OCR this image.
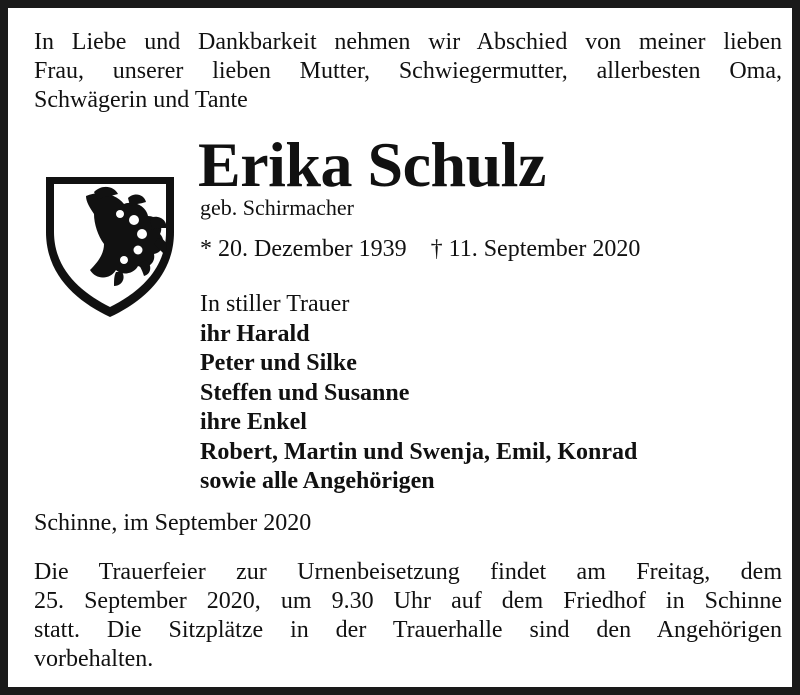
In Liebe und Dankbarkeit nehmen wir Abschied von meiner lieben
Frau, unserer lieben Mutter, Schwiegermutter, allerbesten Oma,
Schwägerin und Tante
Erika Schulz
geb. Schirmacher
* 20. Dezember 1939    † 11. September 2020
In stiller Trauer
ihr Harald
Peter und Silke
Steffen und Susanne
ihre Enkel
Robert, Martin und Swenja, Emil, Konrad
sowie alle Angehörigen
Schinne, im September 2020
Die Trauerfeier zur Urnenbeisetzung findet am Freitag, dem
25. September 2020, um 9.30 Uhr auf dem Friedhof in Schinne
statt. Die Sitzplätze in der Trauerhalle sind den Angehörigen
vorbehalten.
